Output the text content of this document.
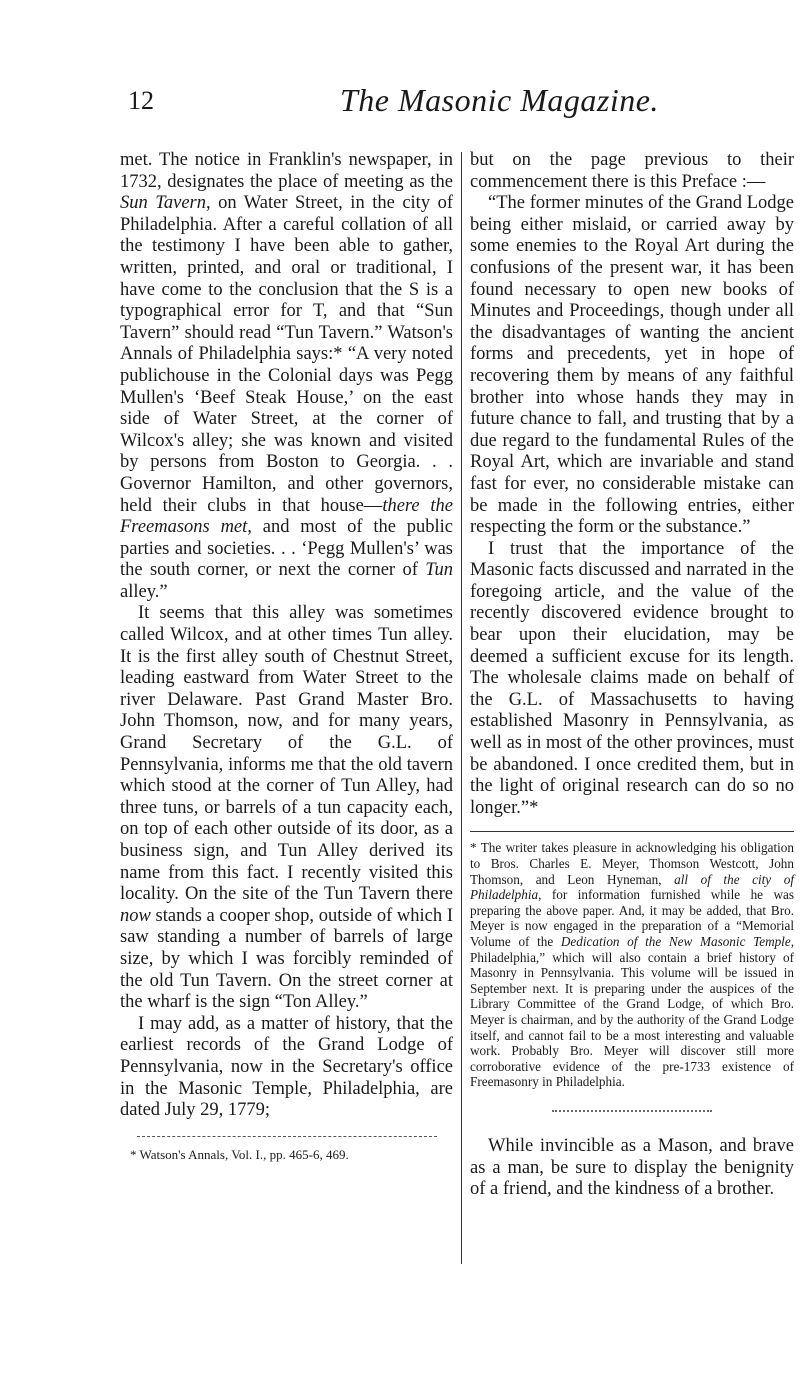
12	The Masonic Magazine.

met. The notice in Franklin's newspaper, in 1732, designates the place of meeting as the Sun Tavern, on Water Street, in the city of Philadelphia. After a careful collation of all the testimony I have been able to gather, written, printed, and oral or traditional, I have come to the conclusion that the S is a typographical error for T, and that “Sun Tavern” should read “Tun Tavern.” Watson's Annals of Philadelphia says:* “A very noted publichouse in the Colonial days was Pegg Mullen's ‘Beef Steak House,’ on the east side of Water Street, at the corner of Wilcox's alley; she was known and visited by persons from Boston to Georgia. . . Governor Hamilton, and other governors, held their clubs in that house—there the Freemasons met, and most of the public parties and societies. . . ‘Pegg Mullen's’ was the south corner, or next the corner of Tun alley.”

It seems that this alley was sometimes called Wilcox, and at other times Tun alley. It is the first alley south of Chestnut Street, leading eastward from Water Street to the river Delaware. Past Grand Master Bro. John Thomson, now, and for many years, Grand Secretary of the G.L. of Pennsylvania, informs me that the old tavern which stood at the corner of Tun Alley, had three tuns, or barrels of a tun capacity each, on top of each other outside of its door, as a business sign, and Tun Alley derived its name from this fact. I recently visited this locality. On the site of the Tun Tavern there now stands a cooper shop, outside of which I saw standing a number of barrels of large size, by which I was forcibly reminded of the old Tun Tavern. On the street corner at the wharf is the sign “Ton Alley.”

I may add, as a matter of history, that the earliest records of the Grand Lodge of Pennsylvania, now in the Secretary's office in the Masonic Temple, Philadelphia, are dated July 29, 1779;

* Watson's Annals, Vol. I., pp. 465-6, 469.

but on the page previous to their commencement there is this Preface :—

“The former minutes of the Grand Lodge being either mislaid, or carried away by some enemies to the Royal Art during the confusions of the present war, it has been found necessary to open new books of Minutes and Proceedings, though under all the disadvantages of wanting the ancient forms and precedents, yet in hope of recovering them by means of any faithful brother into whose hands they may in future chance to fall, and trusting that by a due regard to the fundamental Rules of the Royal Art, which are invariable and stand fast for ever, no considerable mistake can be made in the following entries, either respecting the form or the substance.”

I trust that the importance of the Masonic facts discussed and narrated in the foregoing article, and the value of the recently discovered evidence brought to bear upon their elucidation, may be deemed a sufficient excuse for its length. The wholesale claims made on behalf of the G.L. of Massachusetts to having established Masonry in Pennsylvania, as well as in most of the other provinces, must be abandoned. I once credited them, but in the light of original research can do so no longer.”*

* The writer takes pleasure in acknowledging his obligation to Bros. Charles E. Meyer, Thomson Westcott, John Thomson, and Leon Hyneman, all of the city of Philadelphia, for information furnished while he was preparing the above paper. And, it may be added, that Bro. Meyer is now engaged in the preparation of a “Memorial Volume of the Dedication of the New Masonic Temple, Philadelphia,” which will also contain a brief history of Masonry in Pennsylvania. This volume will be issued in September next. It is preparing under the auspices of the Library Committee of the Grand Lodge, of which Bro. Meyer is chairman, and by the authority of the Grand Lodge itself, and cannot fail to be a most interesting and valuable work. Probably Bro. Meyer will discover still more corroborative evidence of the pre-1733 existence of Freemasonry in Philadelphia.

While invincible as a Mason, and brave as a man, be sure to display the benignity of a friend, and the kindness of a brother.
